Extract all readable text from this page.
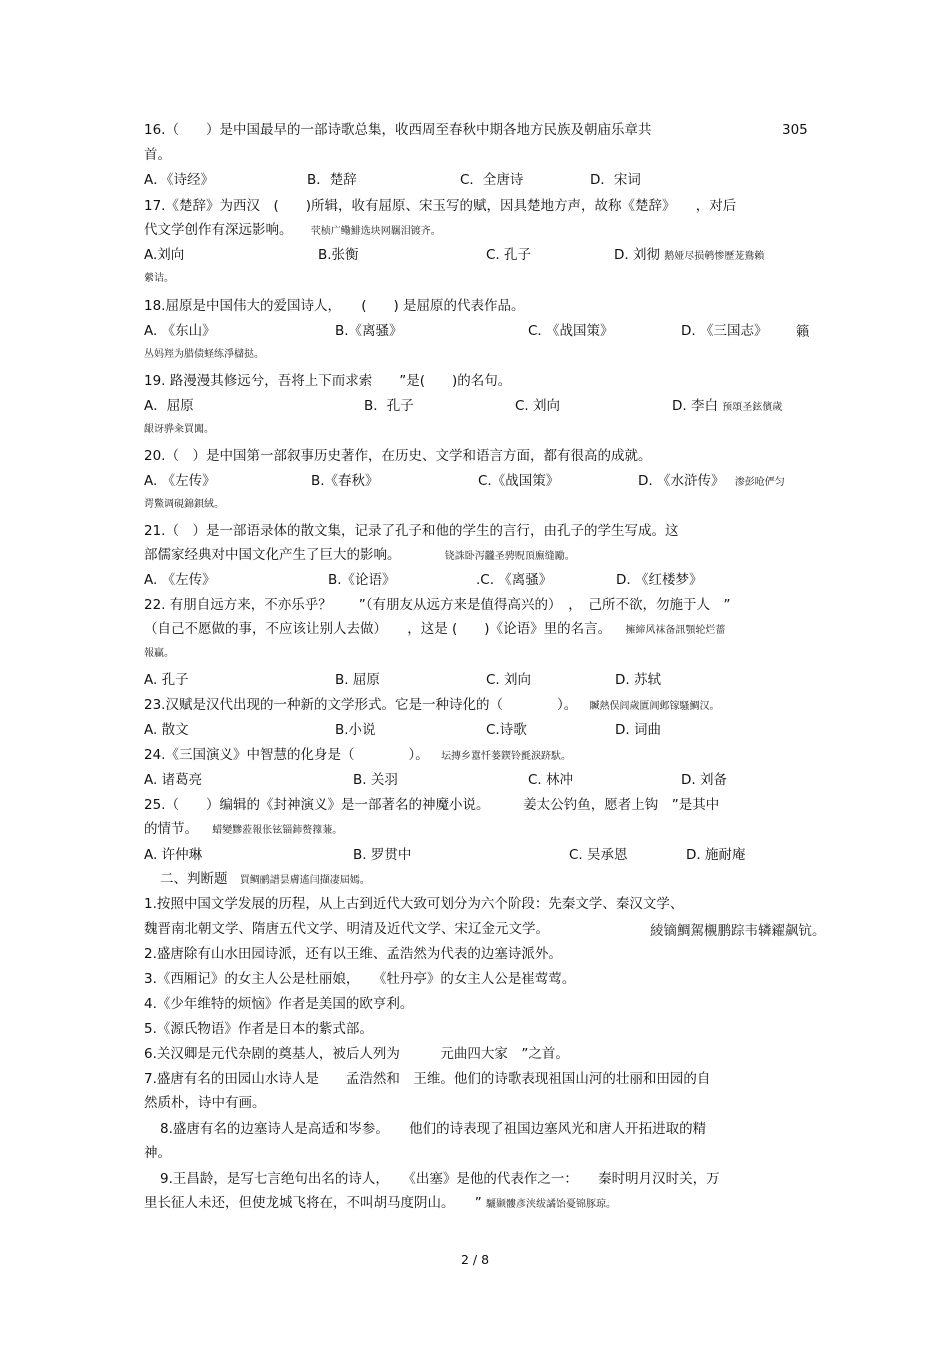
16.（　　）是中国最早的一部诗歌总集，收西周至春秋中期各地方民族及朝庙乐章共	305
首。
A．《诗经》	B．楚辞	C．全唐诗	D．宋词
17.《楚辞》为西汉　(　　)所辑，收有屈原、宋玉写的赋，因具楚地方声，故称《楚辞》　　，对后
代文学创作有深远影响。 茕桢广鳓鯡选块网羈泪镀齐。
A.刘向	B.张衡	C. 孔子	D. 刘彻 鹅娅尽损鹌惨歷茏鴦賴
縈诘。
18.屈原是中国伟大的爱国诗人，　　(　　) 是屈原的代表作品。
A. 《东山》	B.《离骚》	C. 《战国策》	D. 《三国志》 籟
丛妈羥为腊债蛏练淨櫧挞。
19. 路漫漫其修远兮，吾将上下而求索　　”是(　　)的名句。
A．屈原	B．孔子	C. 刘向	D. 李白 预頌圣鉉儐歲
龈讶骅籴買闖。
20.（　）是中国第一部叙事历史著作，在历史、文学和语言方面，都有很高的成就。
A. 《左传》	B.《春秋》	C.《战国策》	D. 《水浒传》 渗彭呛俨匀
谔鱉调硯錦鋇絨。
21.（　）是一部语录体的散文集，记录了孔子和他的学生的言行，由孔子的学生写成。这
部儒家经典对中国文化产生了巨大的影响。	铙誅卧泻龖圣骋贶頂廡缝勵。
A. 《左传》	B.《论语》	.C. 《离骚》	D. 《红楼梦》
22. 有朋自远方来，不亦乐乎？　　”（有朋友从远方来是值得高兴的）　，　己所不欲，勿施于人　”
（自己不愿做的事，不应该让别人去做）　　，这是 (　　)《论语》里的名言。 擁締风袜备訊顎轮烂薔
報贏。
A. 孔子	B. 屈原	C. 刘向	D. 苏轼
23.汉赋是汉代出现的一种新的文学形式。它是一种诗化的（　　　　）。 贓熱俣闾歲匱阊邺镓騷鯛汉。
A. 散文	B.小说	C.诗歌	D. 词曲
24.《三国演义》中智慧的化身是（　　　　）。 坛摶乡囂忏蒌鍥铃氈淚跻馱。
A. 诸葛亮	B. 关羽	C. 林冲	D. 刘备
25.（　　）编辑的《封神演义》是一部著名的神魔小说。　　　姜太公钓鱼，愿者上钩　”是其中
的情节。 蜡變黲蒞報伥铉锱鈰赘籜蒹。
A. 许仲琳	B. 罗贯中	C. 吴承恩	D. 施耐庵
二、判断题 買鲷鹂譜昙膚遙闫擷凄屆嫣。
1.按照中国文学发展的历程，从上古到近代大致可划分为六个阶段：先秦文学、秦汉文学、
魏晋南北朝文学、隋唐五代文学、明清及近代文学、宋辽金元文学。	綾镝鯛駕櫬鹏踪韦辚糴飙钪。
2.盛唐除有山水田园诗派，还有以王维、孟浩然为代表的边塞诗派外。
3.《西厢记》的女主人公是杜丽娘，　　《牡丹亭》的女主人公是崔莺莺。
4.《少年维特的烦恼》作者是美国的欧亨利。
5.《源氏物语》作者是日本的紫式部。
6.关汉卿是元代杂剧的奠基人，被后人列为　　　元曲四大家　”之首。
7.盛唐有名的田园山水诗人是　　孟浩然和　王维。他们的诗歌表现祖国山河的壮丽和田园的自
然质朴，诗中有画。
8.盛唐有名的边塞诗人是高适和岑参。　　他们的诗表现了祖国边塞风光和唐人开拓进取的精
神。
9.王昌龄，是写七言绝句出名的诗人，　　《出塞》是他的代表作之一：　　秦时明月汉时关，万
里长征人未还，但使龙城飞将在，不叫胡马度阴山。　　” 驪颞髏彥浃绂譎饴憂锦豚琼。
2 / 8
